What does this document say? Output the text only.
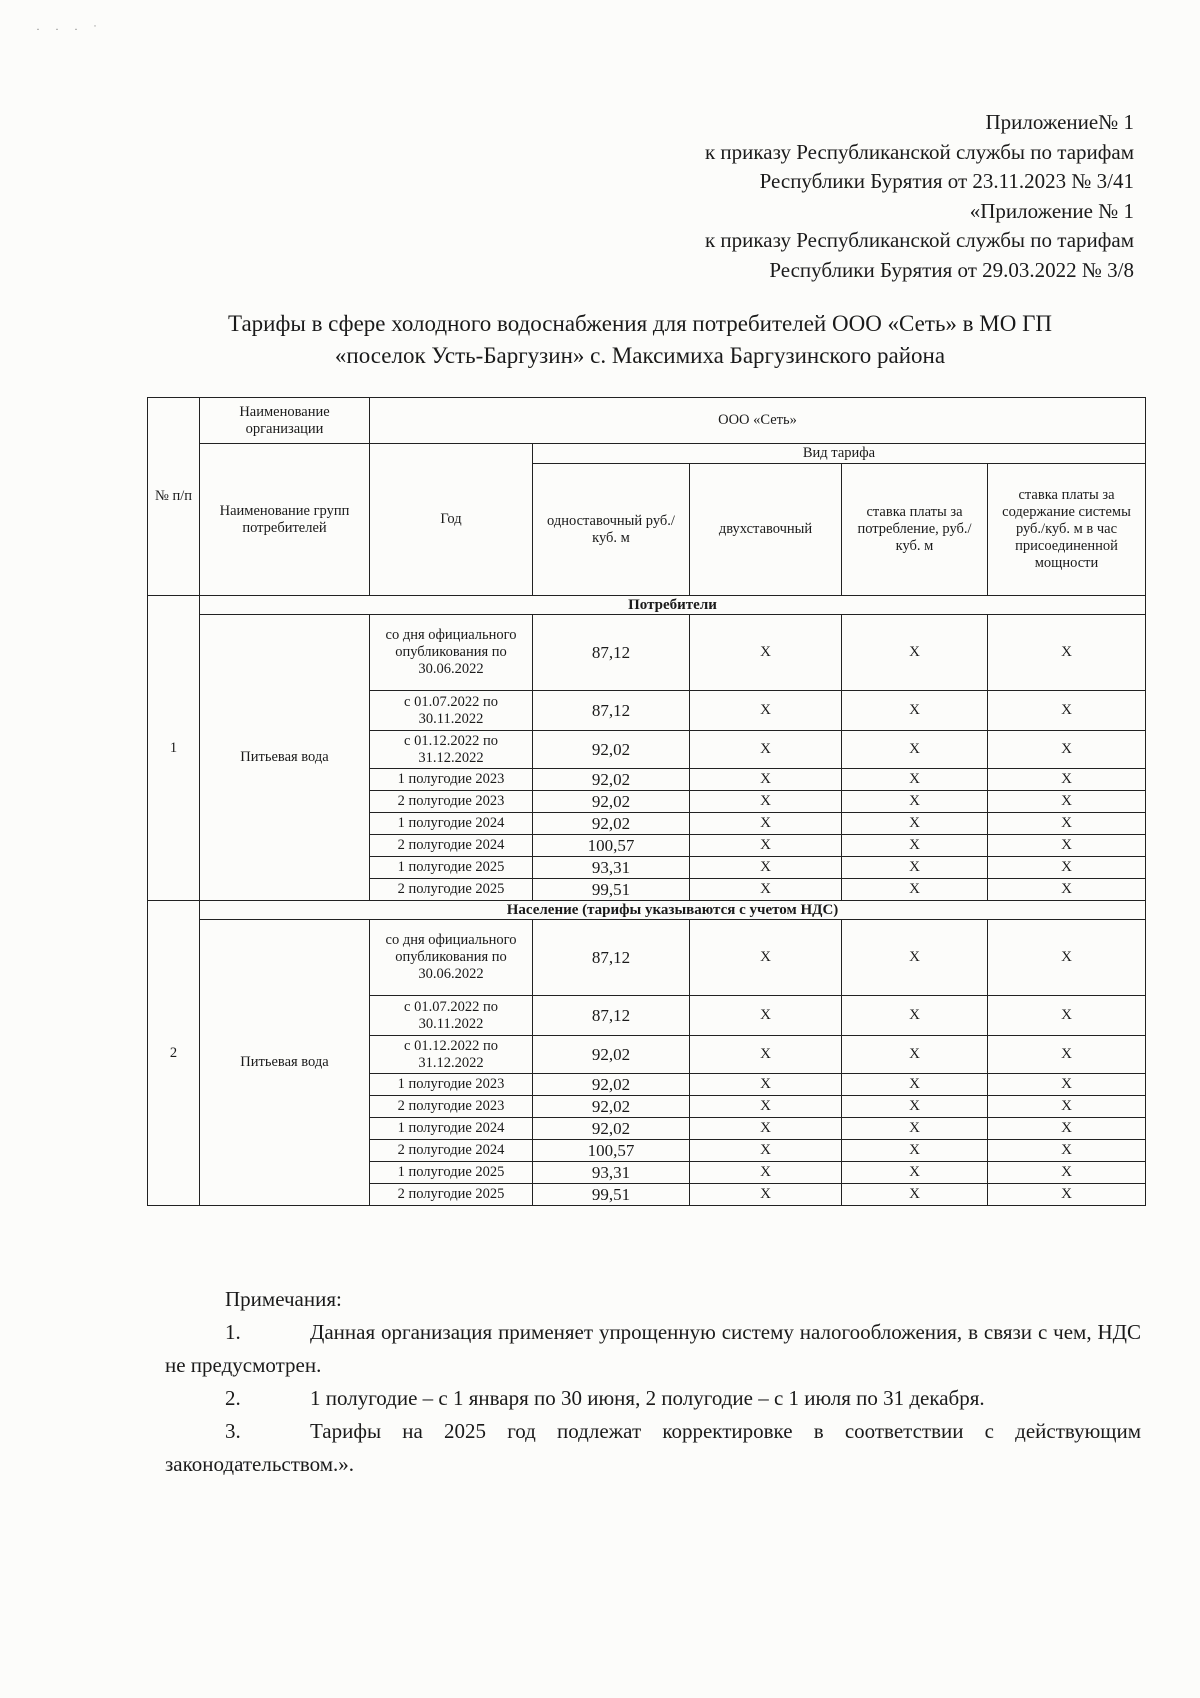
· · · ˙
Приложение№ 1
к приказу Республиканской службы по тарифам
Республики Бурятия от 23.11.2023 № 3/41
«Приложение № 1
к приказу Республиканской службы по тарифам
Республики Бурятия от 29.03.2022 № 3/8
Тарифы в сфере холодного водоснабжения для потребителей ООО «Сеть» в МО ГП
«поселок Усть-Баргузин» с. Максимиха Баргузинского района
№ п/п	Наименование организации	ООО «Сеть»				
	Наименование групп потребителей	Год	Вид тарифа			
			одноставочный руб./ куб. м	двухставочный	ставка платы за потребление, руб./ куб. м	ставка платы за содержание системы руб./куб. м в час присоединенной мощности
1	Потребители					
	Питьевая вода	со дня официального опубликования по 30.06.2022	87,12	X	X	X
		с 01.07.2022 по 30.11.2022	87,12	X	X	X
		с 01.12.2022 по 31.12.2022	92,02	X	X	X
		1 полугодие 2023	92,02	X	X	X
		2 полугодие 2023	92,02	X	X	X
		1 полугодие 2024	92,02	X	X	X
		2 полугодие 2024	100,57	X	X	X
		1 полугодие 2025	93,31	X	X	X
		2 полугодие 2025	99,51	X	X	X
2	Население (тарифы указываются с учетом НДС)					
	Питьевая вода	со дня официального опубликования по 30.06.2022	87,12	X	X	X
		с 01.07.2022 по 30.11.2022	87,12	X	X	X
		с 01.12.2022 по 31.12.2022	92,02	X	X	X
		1 полугодие 2023	92,02	X	X	X
		2 полугодие 2023	92,02	X	X	X
		1 полугодие 2024	92,02	X	X	X
		2 полугодие 2024	100,57	X	X	X
		1 полугодие 2025	93,31	X	X	X
		2 полугодие 2025	99,51	X	X	X
Примечания:
1.	Данная организация применяет упрощенную систему налогообложения, в связи с чем, НДС не предусмотрен.
2.	1 полугодие – с 1 января по 30 июня, 2 полугодие – с 1 июля по 31 декабря.
3.	Тарифы на 2025 год подлежат корректировке в соответствии с действующим законодательством.».
